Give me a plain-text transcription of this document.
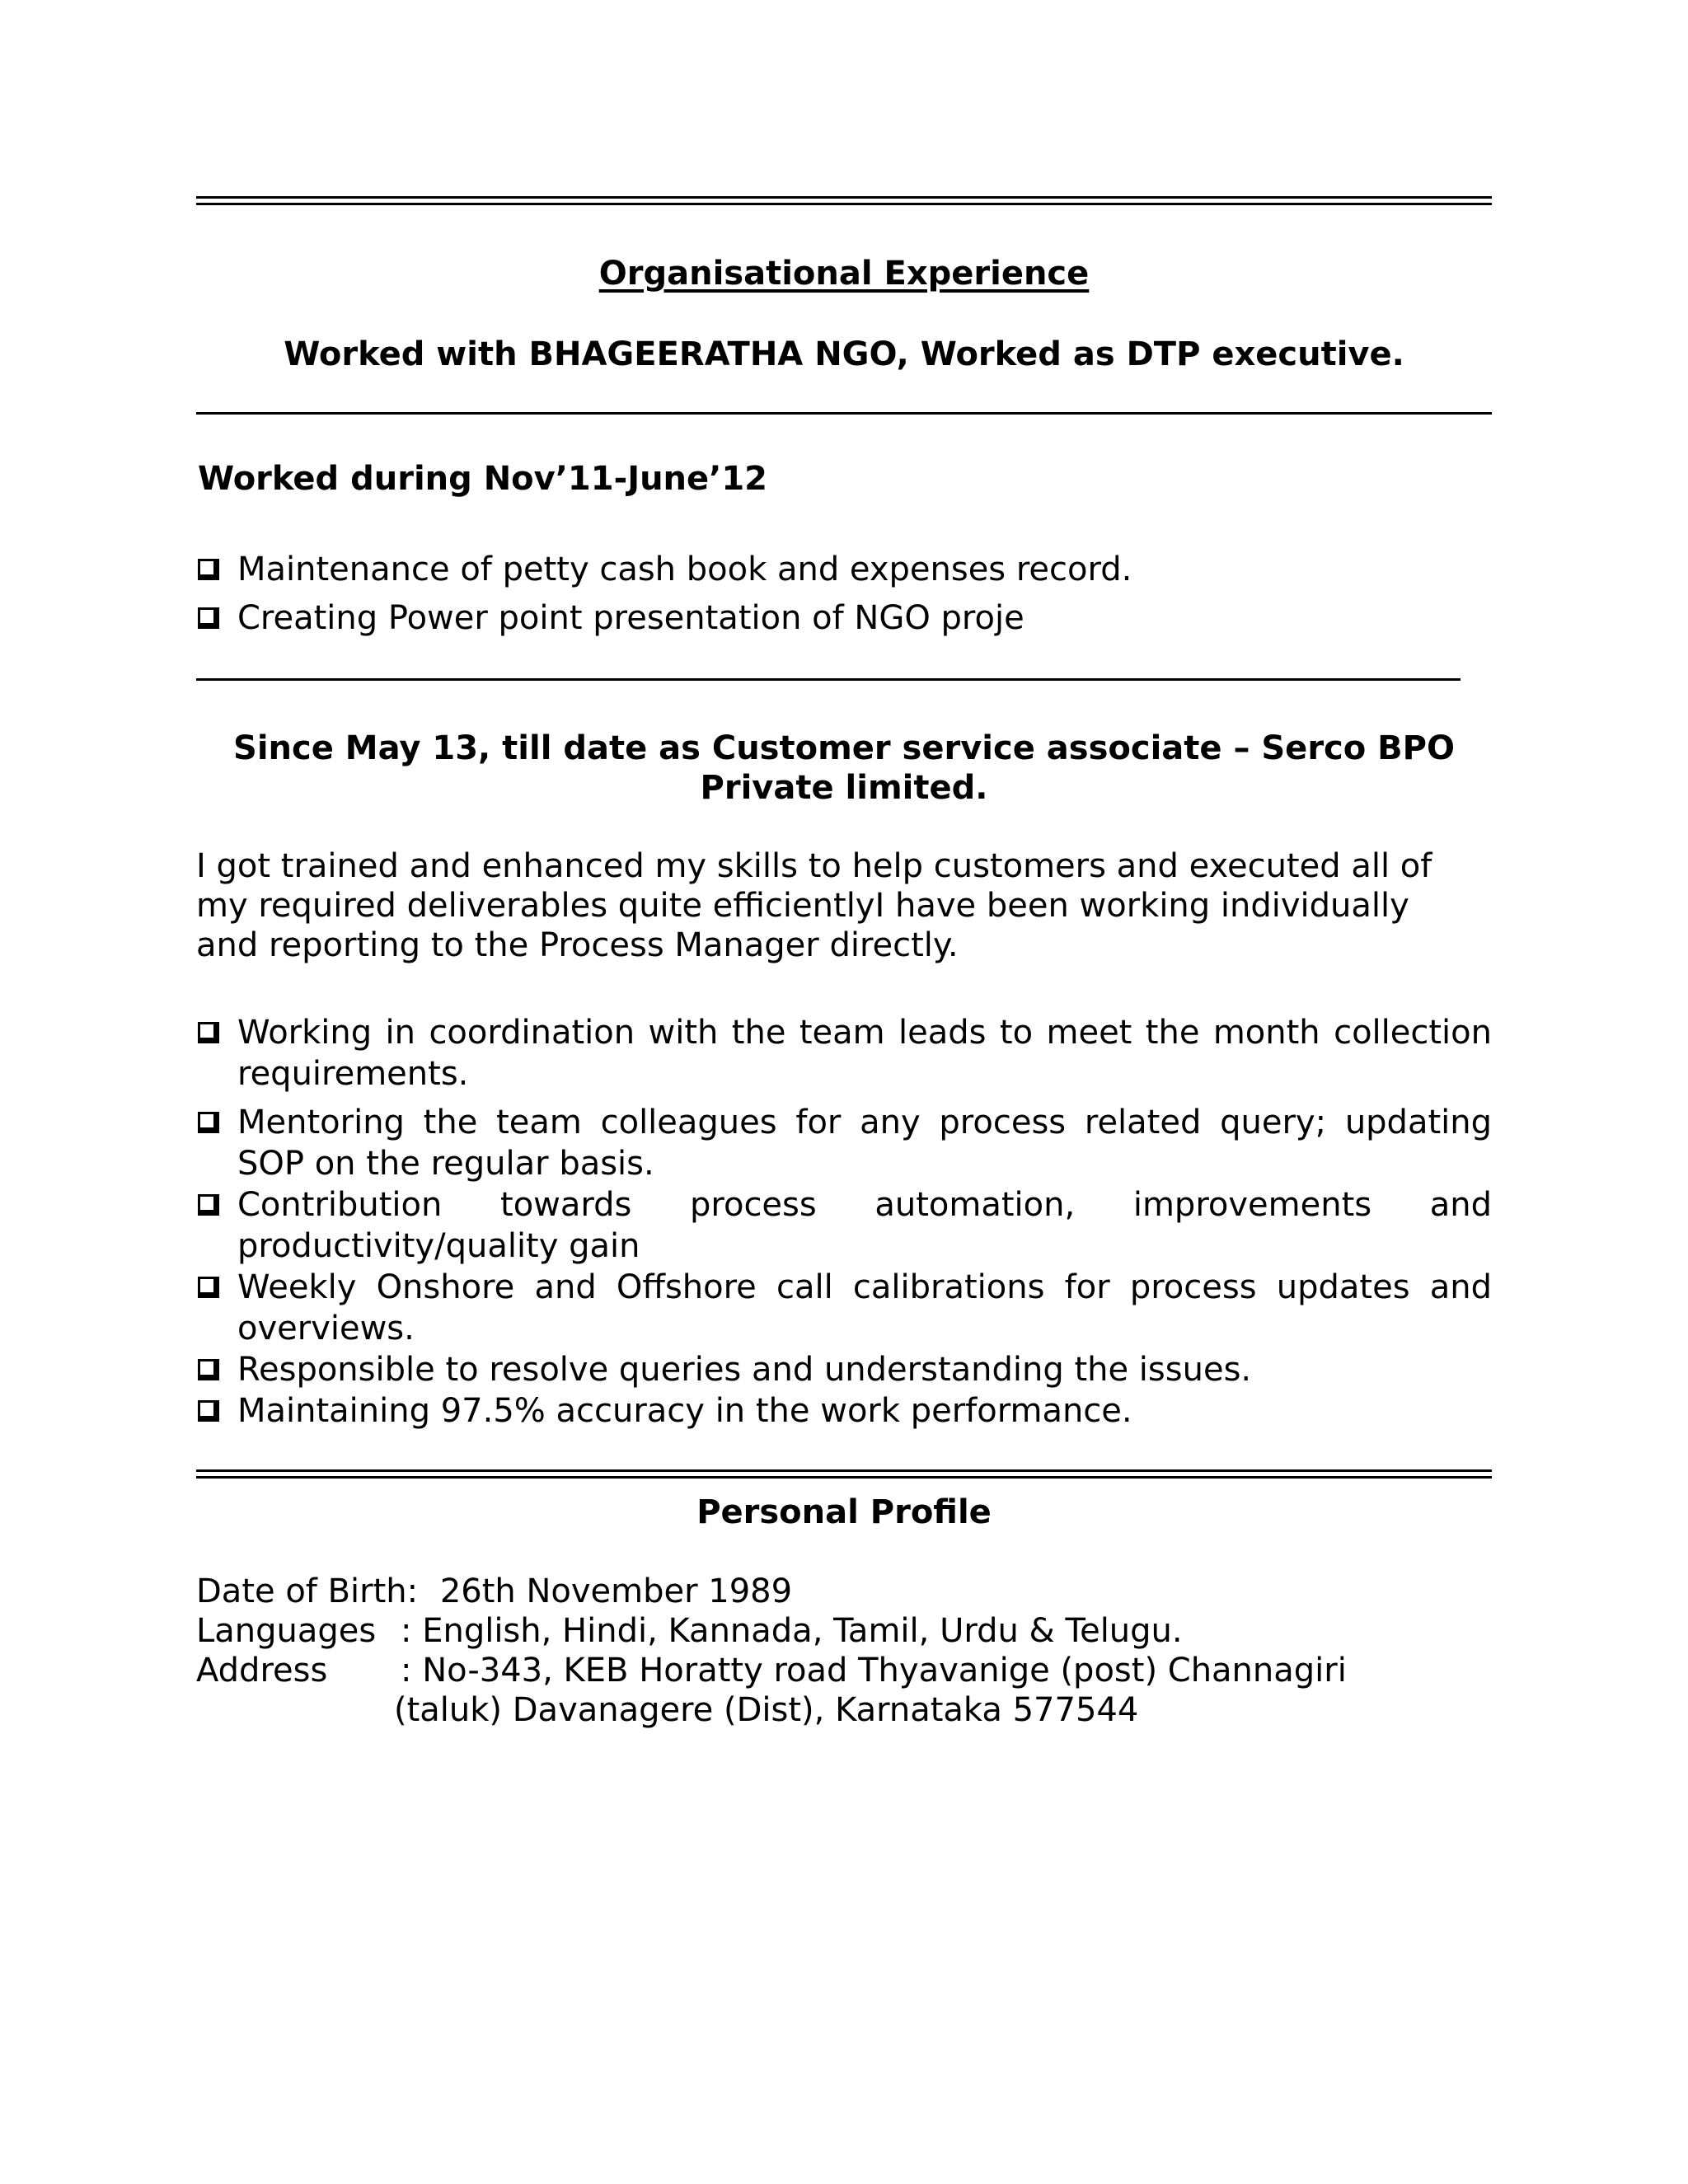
Organisational Experience
Worked with BHAGEERATHA NGO, Worked as DTP executive.
Worked during Nov’11-June’12
Maintenance of petty cash book and expenses record.
Creating Power point presentation of NGO proje
Since May 13, till date as Customer service associate – Serco BPO
Private limited.
I got trained and enhanced my skills to help customers and executed all of my required deliverables quite efficientlyI have been working individually and reporting to the Process Manager directly.
Working in coordination with the team leads to meet the month collection requirements.
Mentoring the team colleagues for any process related query; updating SOP on the regular basis.
Contribution towards process automation, improvements and productivity/quality gain
Weekly Onshore and Offshore call calibrations for process updates and overviews.
Responsible to resolve queries and understanding the issues.
Maintaining 97.5% accuracy in the work performance.
Personal Profile
Date of Birth: 26th November 1989
Languages : English, Hindi, Kannada, Tamil, Urdu & Telugu.
Address : No-343, KEB Horatty road Thyavanige (post) Channagiri
(taluk) Davanagere (Dist), Karnataka 577544
